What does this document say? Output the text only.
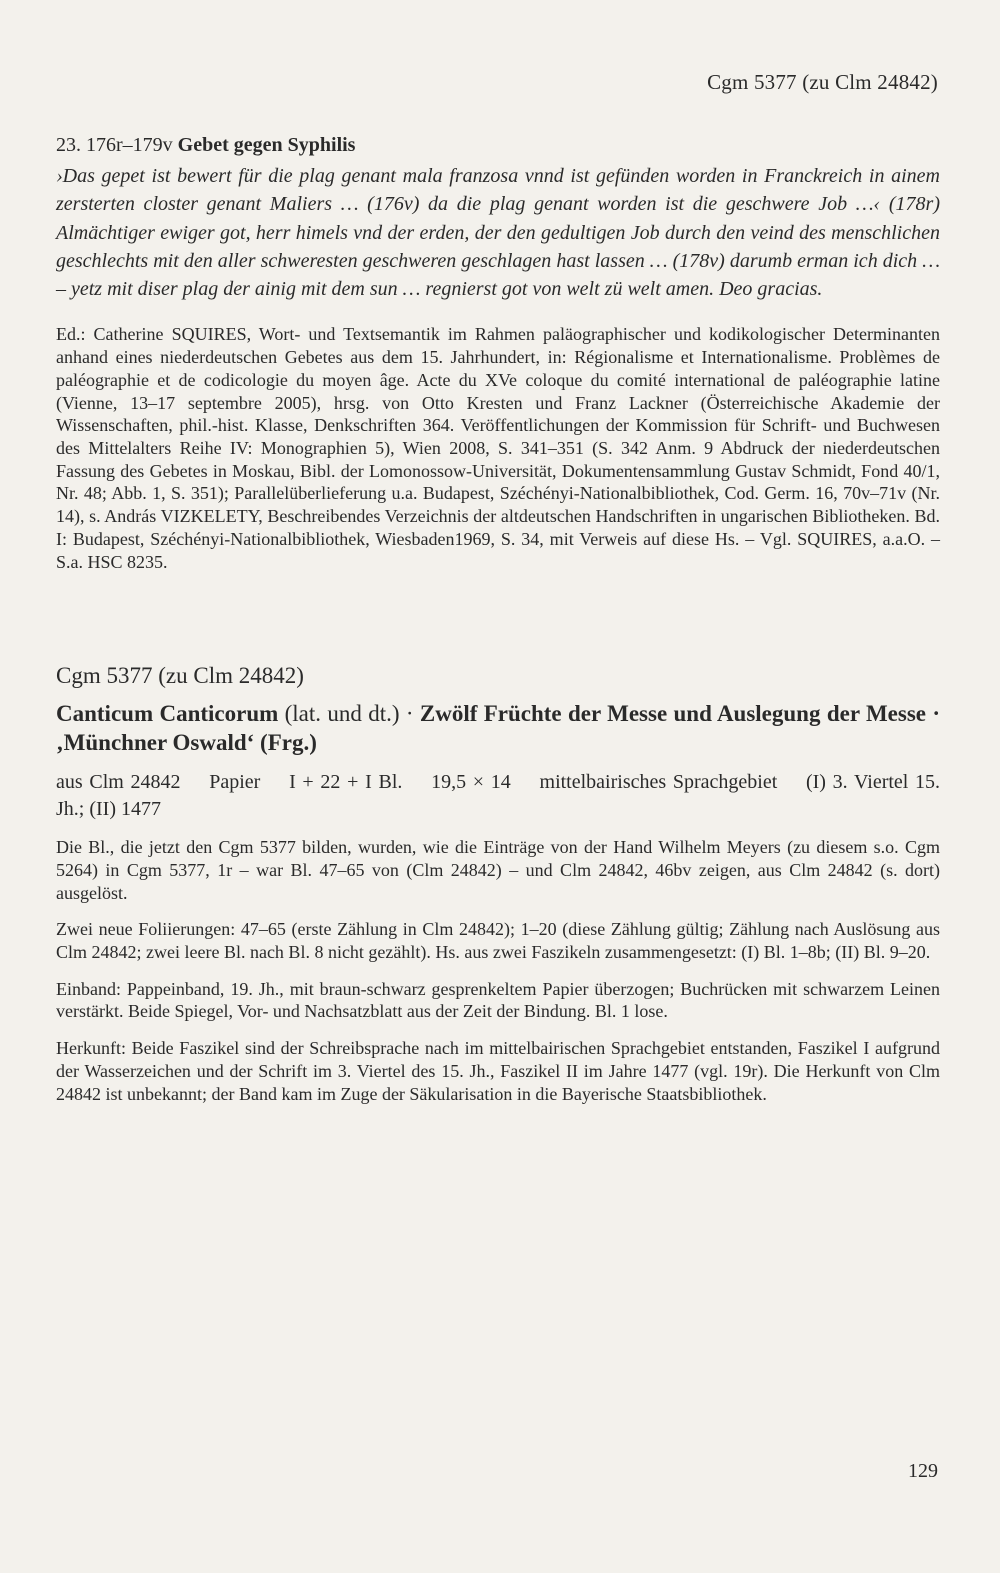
Cgm 5377 (zu Clm 24842)

23. 176r–179v Gebet gegen Syphilis

›Das gepet ist bewert für die plag genant mala franzosa vnnd ist gefünden worden in Franckreich in ainem zersterten closter genant Maliers … (176v) da die plag genant worden ist die geschwere Job …‹ (178r) Almächtiger ewiger got, herr himels vnd der erden, der den gedultigen Job durch den veind des menschlichen geschlechts mit den aller schweresten geschweren geschlagen hast lassen … (178v) darumb erman ich dich … – yetz mit diser plag der ainig mit dem sun … regnierst got von welt zü welt amen. Deo gracias.

Ed.: Catherine SQUIRES, Wort- und Textsemantik im Rahmen paläographischer und kodikologischer Determinanten anhand eines niederdeutschen Gebetes aus dem 15. Jahrhundert, in: Régionalisme et Internationalisme. Problèmes de paléographie et de codicologie du moyen âge. Acte du XVe coloque du comité international de paléographie latine (Vienne, 13–17 septembre 2005), hrsg. von Otto Kresten und Franz Lackner (Österreichische Akademie der Wissenschaften, phil.-hist. Klasse, Denkschriften 364. Veröffentlichungen der Kommission für Schrift- und Buchwesen des Mittelalters Reihe IV: Monographien 5), Wien 2008, S. 341–351 (S. 342 Anm. 9 Abdruck der niederdeutschen Fassung des Gebetes in Moskau, Bibl. der Lomonossow-Universität, Dokumentensammlung Gustav Schmidt, Fond 40/1, Nr. 48; Abb. 1, S. 351); Parallelüberlieferung u.a. Budapest, Széchényi-Nationalbibliothek, Cod. Germ. 16, 70v–71v (Nr. 14), s. András VIZKELETY, Beschreibendes Verzeichnis der altdeutschen Handschriften in ungarischen Bibliotheken. Bd. I: Budapest, Széchényi-Nationalbibliothek, Wiesbaden1969, S. 34, mit Verweis auf diese Hs. – Vgl. SQUIRES, a.a.O. – S.a. HSC 8235.

Cgm 5377 (zu Clm 24842)

Canticum Canticorum (lat. und dt.) · Zwölf Früchte der Messe und Auslegung der Messe · ‚Münchner Oswald‘ (Frg.)

aus Clm 24842 Papier I + 22 + I Bl. 19,5 × 14 mittelbairisches Sprachgebiet (I) 3. Viertel 15. Jh.; (II) 1477

Die Bl., die jetzt den Cgm 5377 bilden, wurden, wie die Einträge von der Hand Wilhelm Meyers (zu diesem s.o. Cgm 5264) in Cgm 5377, 1r – war Bl. 47–65 von (Clm 24842) – und Clm 24842, 46bv zeigen, aus Clm 24842 (s. dort) ausgelöst.

Zwei neue Foliierungen: 47–65 (erste Zählung in Clm 24842); 1–20 (diese Zählung gültig; Zählung nach Auslösung aus Clm 24842; zwei leere Bl. nach Bl. 8 nicht gezählt). Hs. aus zwei Faszikeln zusammengesetzt: (I) Bl. 1–8b; (II) Bl. 9–20.

Einband: Pappeinband, 19. Jh., mit braun-schwarz gesprenkeltem Papier überzogen; Buchrücken mit schwarzem Leinen verstärkt. Beide Spiegel, Vor- und Nachsatzblatt aus der Zeit der Bindung. Bl. 1 lose.

Herkunft: Beide Faszikel sind der Schreibsprache nach im mittelbairischen Sprachgebiet entstanden, Faszikel I aufgrund der Wasserzeichen und der Schrift im 3. Viertel des 15. Jh., Faszikel II im Jahre 1477 (vgl. 19r). Die Herkunft von Clm 24842 ist unbekannt; der Band kam im Zuge der Säkularisation in die Bayerische Staatsbibliothek.

129
